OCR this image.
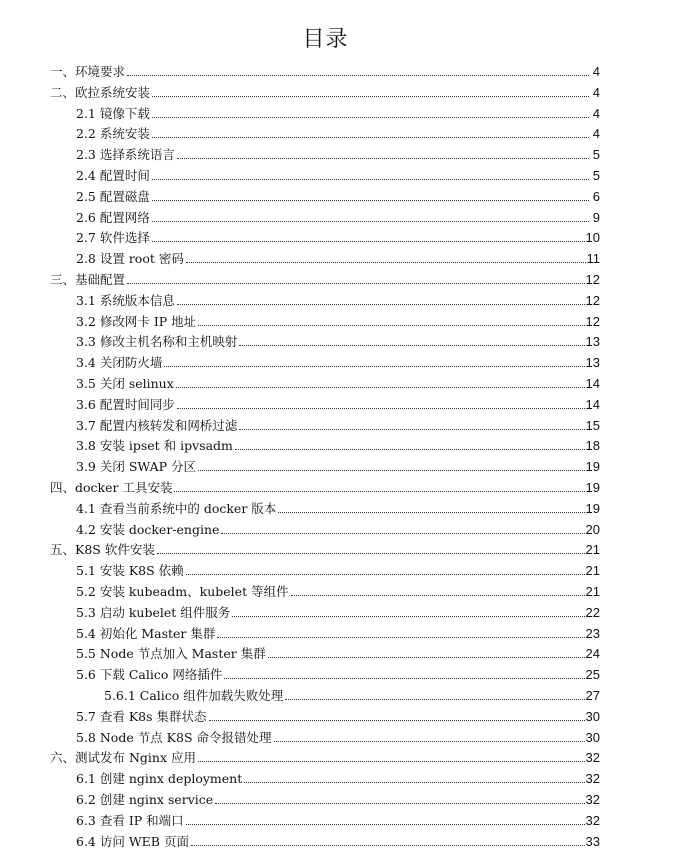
目录
一、环境要求	4
二、欧拉系统安装	4
2.1 镜像下载	4
2.2 系统安装	4
2.3 选择系统语言	5
2.4 配置时间	5
2.5 配置磁盘	6
2.6 配置网络	9
2.7 软件选择	10
2.8 设置 root 密码	11
三、基础配置	12
3.1 系统版本信息	12
3.2 修改网卡 IP 地址	12
3.3 修改主机名称和主机映射	13
3.4 关闭防火墙	13
3.5 关闭 selinux	14
3.6 配置时间同步	14
3.7 配置内核转发和网桥过滤	15
3.8 安装 ipset 和 ipvsadm	18
3.9 关闭 SWAP 分区	19
四、docker 工具安装	19
4.1 查看当前系统中的 docker 版本	19
4.2 安装 docker-engine	20
五、K8S 软件安装	21
5.1 安装 K8S 依赖	21
5.2 安装 kubeadm、kubelet 等组件	21
5.3 启动 kubelet 组件服务	22
5.4 初始化 Master 集群	23
5.5 Node 节点加入 Master 集群	24
5.6 下载 Calico 网络插件	25
5.6.1 Calico 组件加载失败处理	27
5.7 查看 K8s 集群状态	30
5.8 Node 节点 K8S 命令报错处理	30
六、测试发布 Nginx 应用	32
6.1 创建 nginx deployment	32
6.2 创建 nginx service	32
6.3 查看 IP 和端口	32
6.4 访问 WEB 页面	33
